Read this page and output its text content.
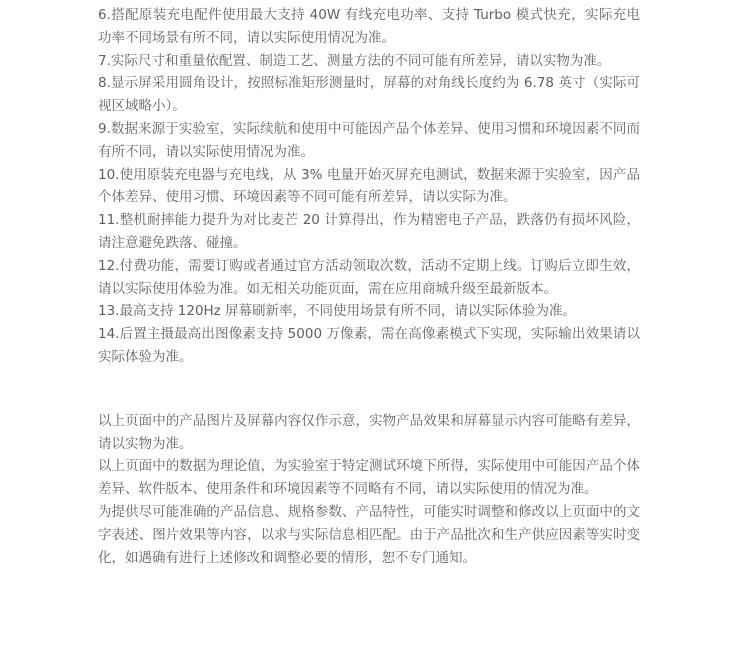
6.搭配原装充电配件使用最大支持 40W 有线充电功率、支持 Turbo 模式快充，实际充电功率不同场景有所不同，请以实际使用情况为准。
7.实际尺寸和重量依配置、制造工艺、测量方法的不同可能有所差异，请以实物为准。
8.显示屏采用圆角设计，按照标准矩形测量时，屏幕的对角线长度约为 6.78 英寸（实际可视区域略小）。
9.数据来源于实验室，实际续航和使用中可能因产品个体差异、使用习惯和环境因素不同而有所不同，请以实际使用情况为准。
10.使用原装充电器与充电线，从 3% 电量开始灭屏充电测试，数据来源于实验室，因产品个体差异、使用习惯、环境因素等不同可能有所差异，请以实际为准。
11.整机耐摔能力提升为对比麦芒 20 计算得出，作为精密电子产品，跌落仍有损坏风险，请注意避免跌落、碰撞。
12.付费功能，需要订购或者通过官方活动领取次数，活动不定期上线。订购后立即生效，请以实际使用体验为准。如无相关功能页面，需在应用商城升级至最新版本。
13.最高支持 120Hz 屏幕刷新率，不同使用场景有所不同，请以实际体验为准。
14.后置主摄最高出图像素支持 5000 万像素，需在高像素模式下实现，实际输出效果请以实际体验为准。

以上页面中的产品图片及屏幕内容仅作示意，实物产品效果和屏幕显示内容可能略有差异，请以实物为准。

以上页面中的数据为理论值，为实验室于特定测试环境下所得，实际使用中可能因产品个体差异、软件版本、使用条件和环境因素等不同略有不同，请以实际使用的情况为准。

为提供尽可能准确的产品信息、规格参数、产品特性，可能实时调整和修改以上页面中的文字表述、图片效果等内容，以求与实际信息相匹配。由于产品批次和生产供应因素等实时变化，如遇确有进行上述修改和调整必要的情形，恕不专门通知。
